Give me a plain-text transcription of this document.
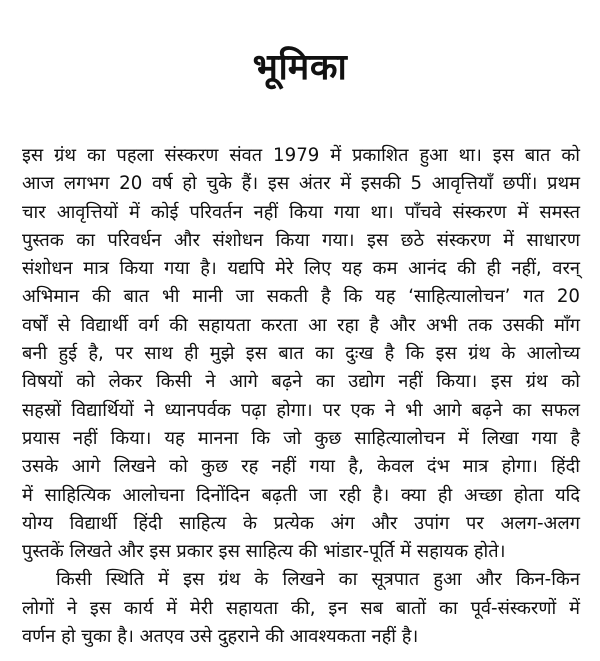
भूमिका
इस ग्रंथ का पहला संस्करण संवत 1979 में प्रकाशित हुआ था। इस बात को
आज लगभग 20 वर्ष हो चुके हैं। इस अंतर में इसकी 5 आवृत्तियाँ छपीं। प्रथम
चार आवृत्तियों में कोई परिवर्तन नहीं किया गया था। पाँचवे संस्करण में समस्त
पुस्तक का परिवर्धन और संशोधन किया गया। इस छठे संस्करण में साधारण
संशोधन मात्र किया गया है। यद्यपि मेरे लिए यह कम आनंद की ही नहीं, वरन्
अभिमान की बात भी मानी जा सकती है कि यह ‘साहित्यालोचन’ गत 20
वर्षों से विद्यार्थी वर्ग की सहायता करता आ रहा है और अभी तक उसकी माँग
बनी हुई है, पर साथ ही मुझे इस बात का दुःख है कि इस ग्रंथ के आलोच्य
विषयों को लेकर किसी ने आगे बढ़ने का उद्योग नहीं किया। इस ग्रंथ को
सहस्रों विद्यार्थियों ने ध्यानपर्वक पढ़ा होगा। पर एक ने भी आगे बढ़ने का सफल
प्रयास नहीं किया। यह मानना कि जो कुछ साहित्यालोचन में लिखा गया है
उसके आगे लिखने को कुछ रह नहीं गया है, केवल दंभ मात्र होगा। हिंदी
में साहित्यिक आलोचना दिनोंदिन बढ़ती जा रही है। क्या ही अच्छा होता यदि
योग्य विद्यार्थी हिंदी साहित्य के प्रत्येक अंग और उपांग पर अलग-अलग
पुस्तकें लिखते और इस प्रकार इस साहित्य की भांडार-पूर्ति में सहायक होते।
किसी स्थिति में इस ग्रंथ के लिखने का सूत्रपात हुआ और किन-किन
लोगों ने इस कार्य में मेरी सहायता की, इन सब बातों का पूर्व-संस्करणों में
वर्णन हो चुका है। अतएव उसे दुहराने की आवश्यकता नहीं है।
